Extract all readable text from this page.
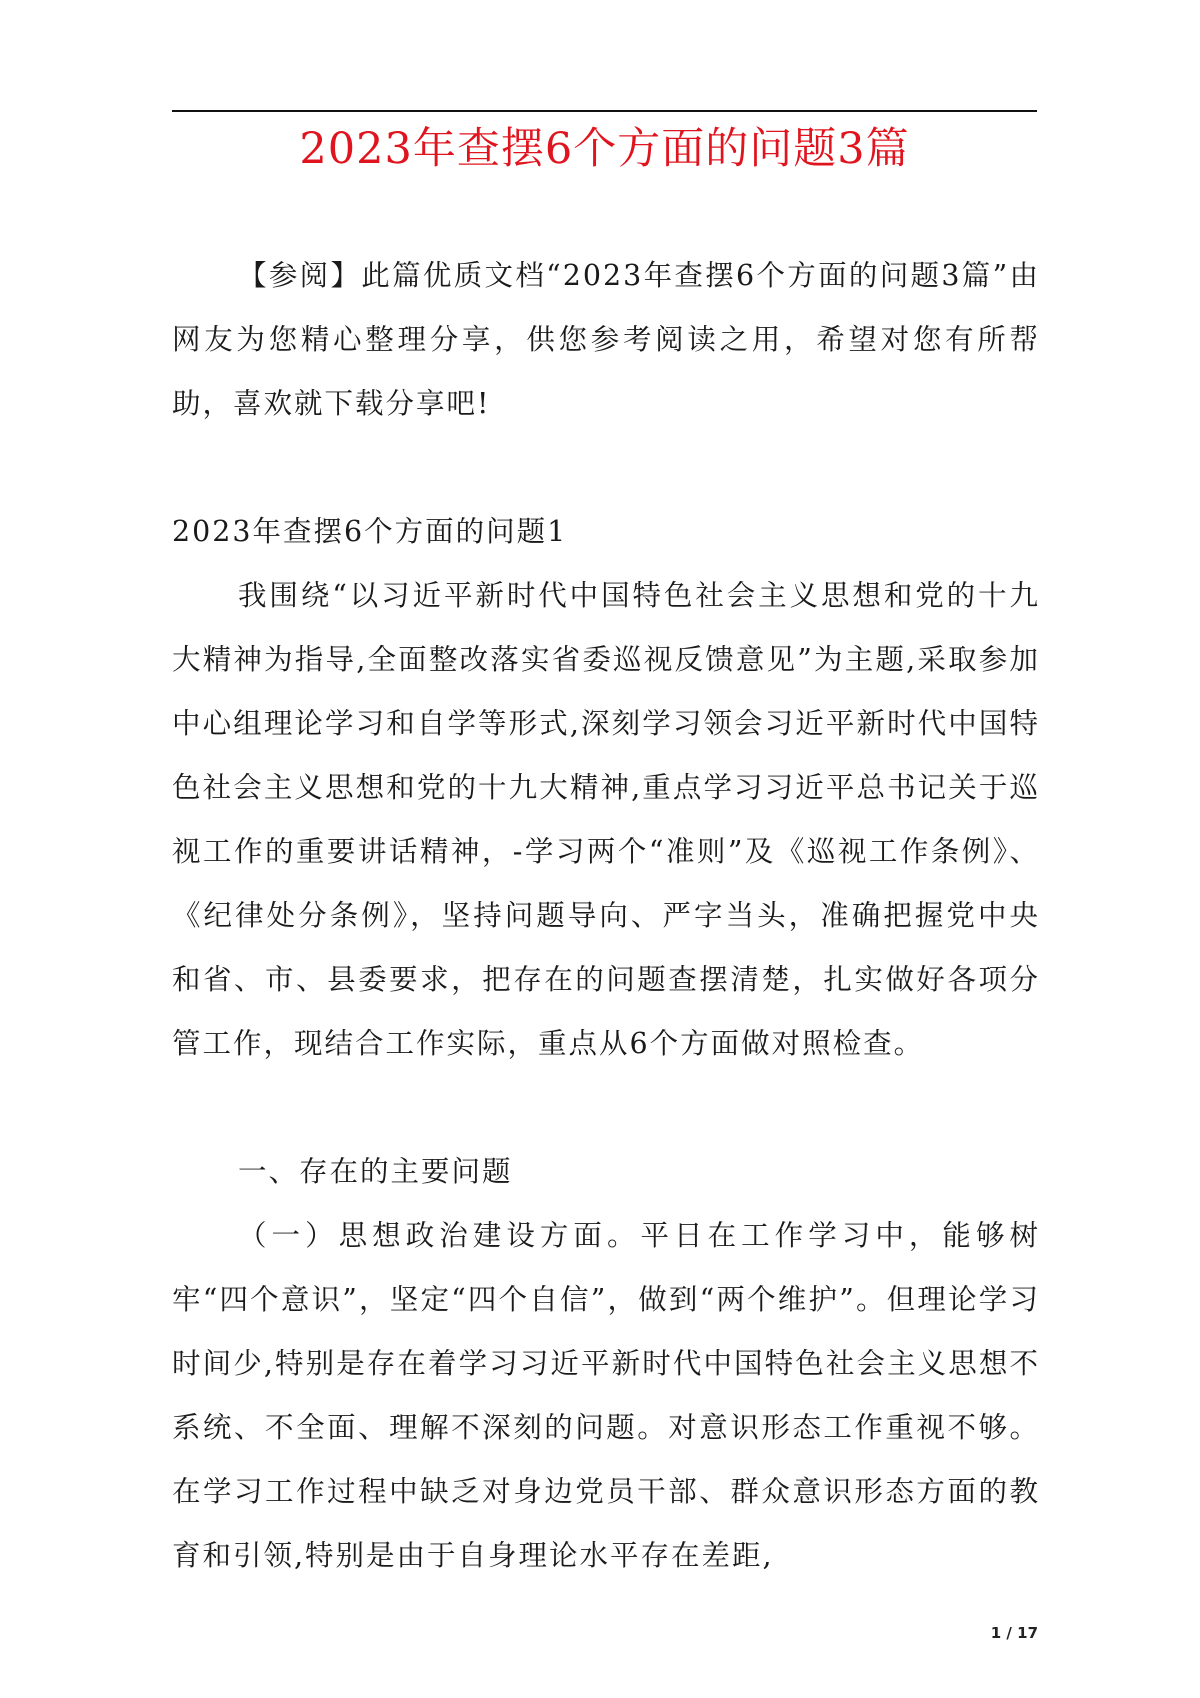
2023年查摆6个方面的问题3篇

【参阅】此篇优质文档“2023年查摆6个方面的问题3篇”由网友为您精心整理分享，供您参考阅读之用，希望对您有所帮助，喜欢就下载分享吧!

2023年查摆6个方面的问题1

我围绕“以习近平新时代中国特色社会主义思想和党的十九大精神为指导,全面整改落实省委巡视反馈意见”为主题,采取参加中心组理论学习和自学等形式,深刻学习领会习近平新时代中国特色社会主义思想和党的十九大精神,重点学习习近平总书记关于巡视工作的重要讲话精神，-学习两个“准则”及《巡视工作条例》、《纪律处分条例》，坚持问题导向、严字当头，准确把握党中央和省、市、县委要求，把存在的问题查摆清楚，扎实做好各项分管工作，现结合工作实际，重点从6个方面做对照检查。

一、存在的主要问题

（一）思想政治建设方面。平日在工作学习中，能够树牢“四个意识”，坚定“四个自信”，做到“两个维护”。但理论学习时间少,特别是存在着学习习近平新时代中国特色社会主义思想不系统、不全面、理解不深刻的问题。对意识形态工作重视不够。在学习工作过程中缺乏对身边党员干部、群众意识形态方面的教育和引领,特别是由于自身理论水平存在差距,

1 / 17
